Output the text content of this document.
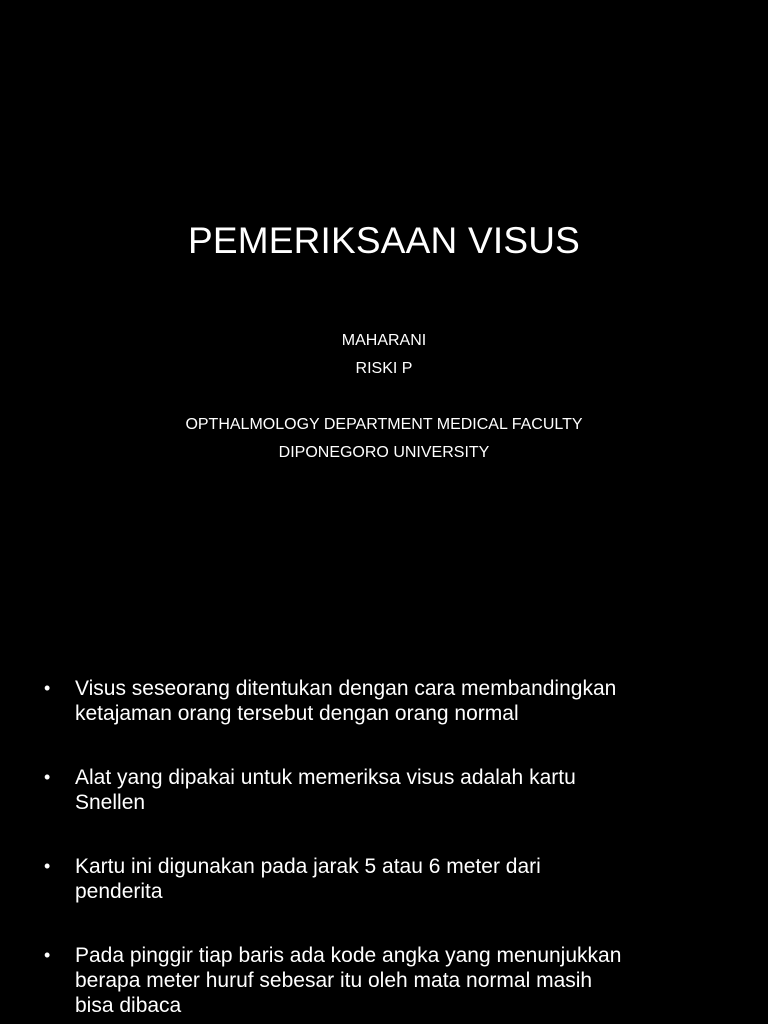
PEMERIKSAAN VISUS
MAHARANI
RISKI P
OPTHALMOLOGY DEPARTMENT MEDICAL FACULTY
DIPONEGORO UNIVERSITY
• Visus seseorang ditentukan dengan cara membandingkan
ketajaman orang tersebut dengan orang normal
• Alat yang dipakai untuk memeriksa visus adalah kartu
Snellen
• Kartu ini digunakan pada jarak 5 atau 6 meter dari
penderita
• Pada pinggir tiap baris ada kode angka yang menunjukkan
berapa meter huruf sebesar itu oleh mata normal masih
bisa dibaca
